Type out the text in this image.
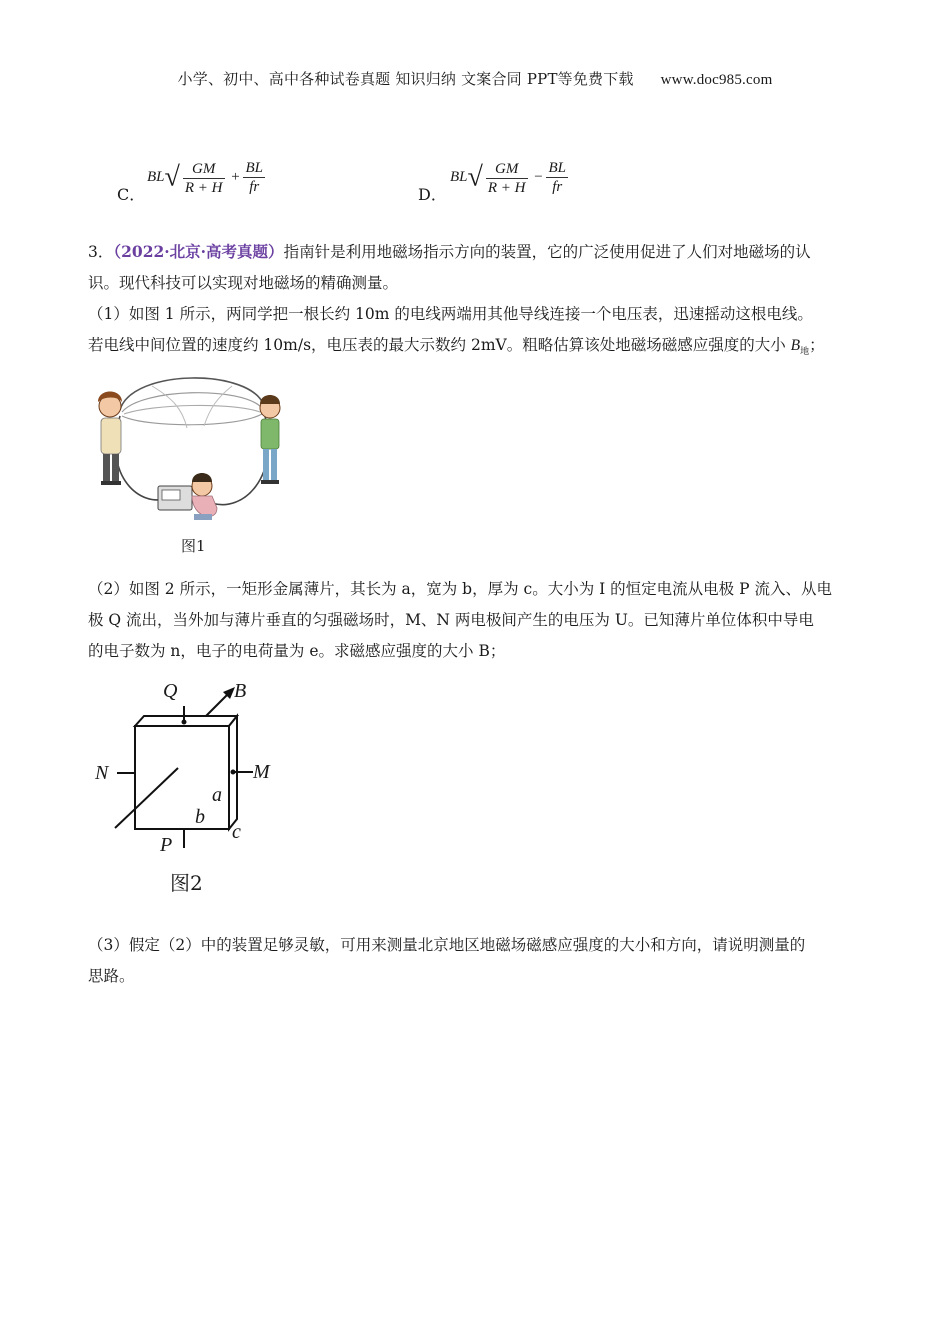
小学、初中、高中各种试卷真题 知识归纳 文案合同 PPT等免费下载 www.doc985.com
C．
$BL√ \frac{GM}{R + H} + \frac{BL}{fr}$	D．
$BL√ \frac{GM}{R + H} - \frac{BL}{fr}$
3．（2022·北京·高考真题）指南针是利用地磁场指示方向的装置，它的广泛使用促进了人们对地磁场的认
识。现代科技可以实现对地磁场的精确测量。
（1）如图 1 所示，两同学把一根长约 10m 的电线两端用其他导线连接一个电压表，迅速摇动这根电线。
若电线中间位置的速度约 10m/s，电压表的最大示数约 2mV。粗略估算该处地磁场磁感应强度的大小 $B_地$；
图1
（2）如图 2 所示，一矩形金属薄片，其长为 a，宽为 b，厚为 c。大小为 I 的恒定电流从电极 P 流入、从电
极 Q 流出，当外加与薄片垂直的匀强磁场时，M、N 两电极间产生的电压为 U。已知薄片单位体积中导电
的电子数为 n，电子的电荷量为 e。求磁感应强度的大小 B；
Q	B
N	M
a
b
c
P
图2
（3）假定（2）中的装置足够灵敏，可用来测量北京地区地磁场磁感应强度的大小和方向，请说明测量的
思路。
